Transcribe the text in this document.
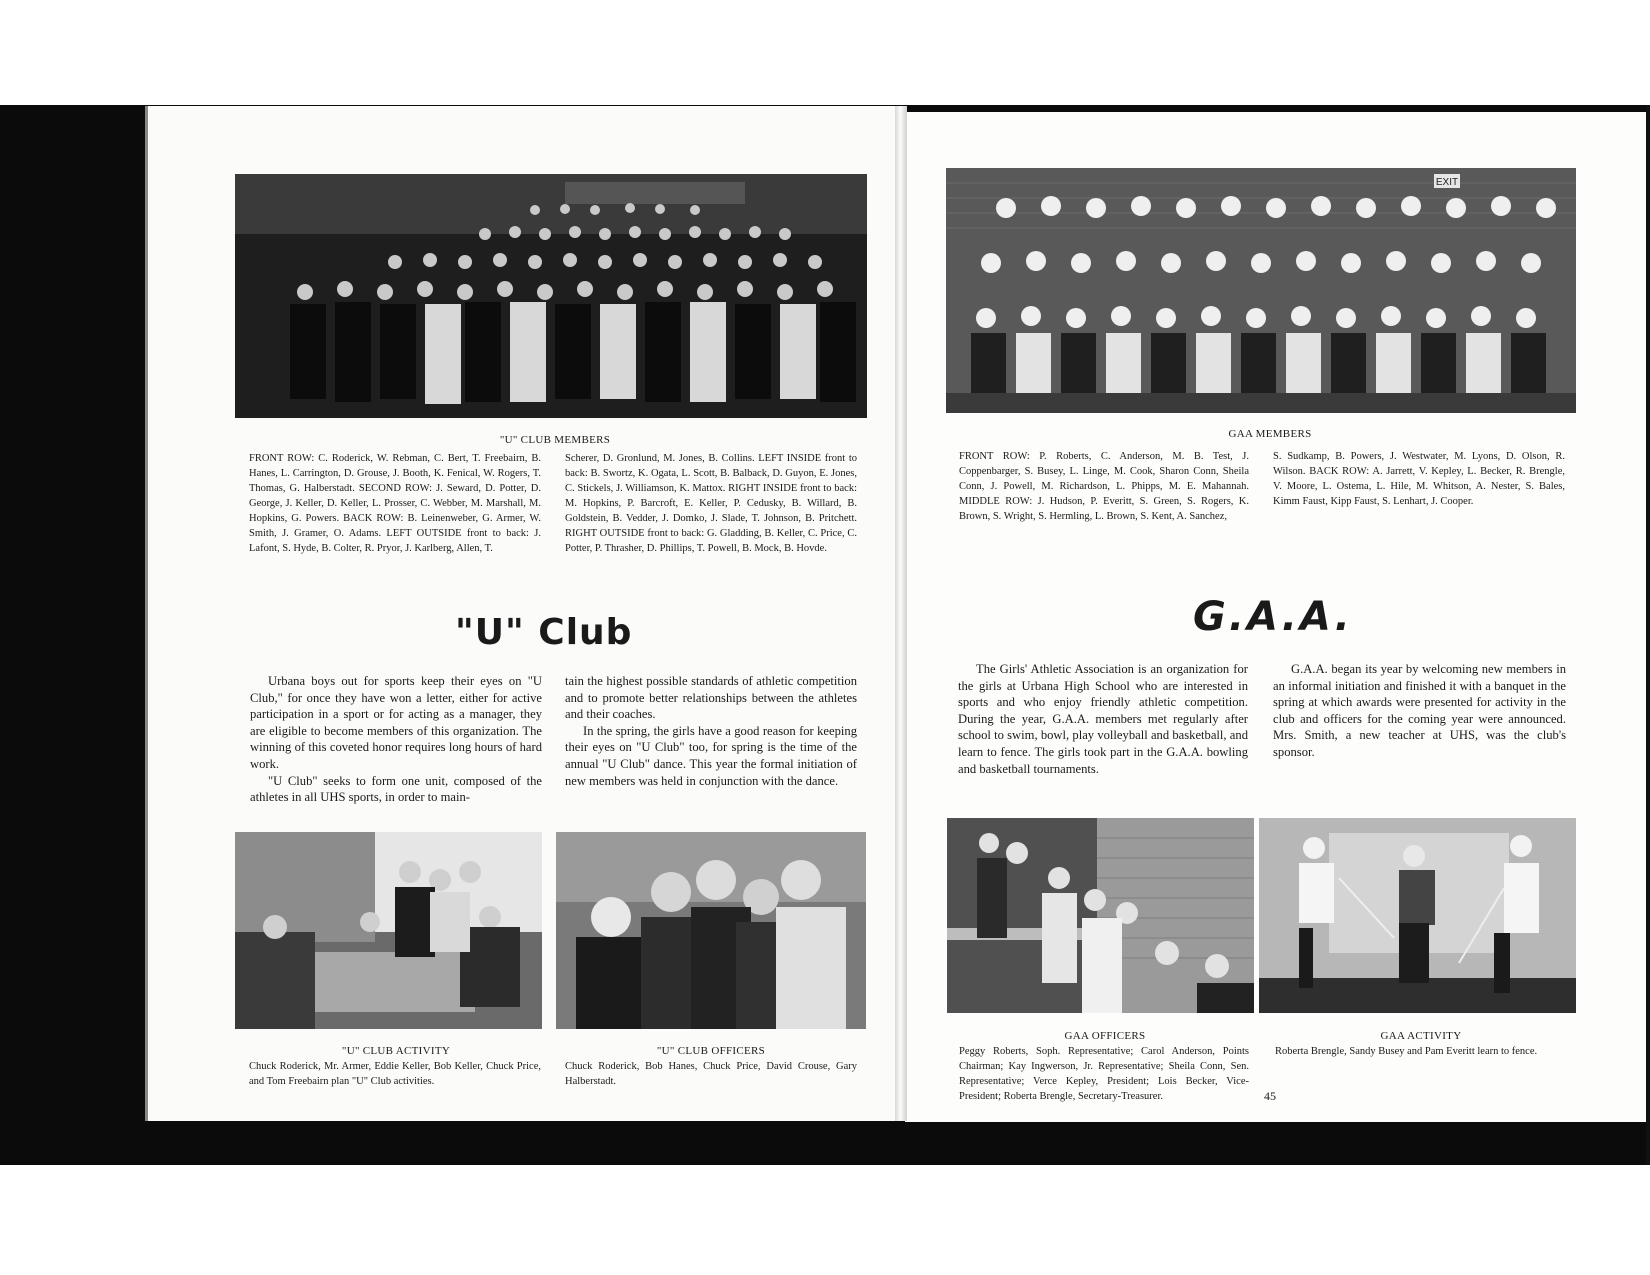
"U" CLUB MEMBERS
FRONT ROW: C. Roderick, W. Rebman, C. Bert, T. Freebairn, B. Hanes, L. Carrington, D. Grouse, J. Booth, K. Fenical, W. Rogers, T. Thomas, G. Halberstadt. SECOND ROW: J. Seward, D. Potter, D. George, J. Keller, D. Keller, L. Prosser, C. Webber, M. Marshall, M. Hopkins, G. Powers. BACK ROW: B. Leinenweber, G. Armer, W. Smith, J. Gramer, O. Adams. LEFT OUTSIDE front to back: J. Lafont, S. Hyde, B. Colter, R. Pryor, J. Karlberg, Allen, T.
Scherer, D. Gronlund, M. Jones, B. Collins. LEFT INSIDE front to back: B. Swortz, K. Ogata, L. Scott, B. Balback, D. Guyon, E. Jones, C. Stickels, J. Williamson, K. Mattox. RIGHT INSIDE front to back: M. Hopkins, P. Barcroft, E. Keller, P. Cedusky, B. Willard, B. Goldstein, B. Vedder, J. Domko, J. Slade, T. Johnson, B. Pritchett. RIGHT OUTSIDE front to back: G. Gladding, B. Keller, C. Price, C. Potter, P. Thrasher, D. Phillips, T. Powell, B. Mock, B. Hovde.
"U" Club

Urbana boys out for sports keep their eyes on "U Club," for once they have won a letter, either for active participation in a sport or for acting as a manager, they are eligible to become members of this organization. The winning of this coveted honor requires long hours of hard work.

"U Club" seeks to form one unit, composed of the athletes in all UHS sports, in order to main-

tain the highest possible standards of athletic competition and to promote better relationships between the athletes and their coaches.

In the spring, the girls have a good reason for keeping their eyes on "U Club" too, for spring is the time of the annual "U Club" dance. This year the formal initiation of new members was held in conjunction with the dance.

"U" CLUB ACTIVITY
Chuck Roderick, Mr. Armer, Eddie Keller, Bob Keller, Chuck Price, and Tom Freebairn plan "U" Club activities.
"U" CLUB OFFICERS
Chuck Roderick, Bob Hanes, Chuck Price, David Crouse, Gary Halberstadt.
EXIT
GAA MEMBERS
FRONT ROW: P. Roberts, C. Anderson, M. B. Test, J. Coppenbarger, S. Busey, L. Linge, M. Cook, Sharon Conn, Sheila Conn, J. Powell, M. Richardson, L. Phipps, M. E. Mahannah. MIDDLE ROW: J. Hudson, P. Everitt, S. Green, S. Rogers, K. Brown, S. Wright, S. Hermling, L. Brown, S. Kent, A. Sanchez,
S. Sudkamp, B. Powers, J. Westwater, M. Lyons, D. Olson, R. Wilson. BACK ROW: A. Jarrett, V. Kepley, L. Becker, R. Brengle, V. Moore, L. Ostema, L. Hile, M. Whitson, A. Nester, S. Bales, Kimm Faust, Kipp Faust, S. Lenhart, J. Cooper.
G.A.A.

The Girls' Athletic Association is an organization for the girls at Urbana High School who are interested in sports and who enjoy friendly athletic competition. During the year, G.A.A. members met regularly after school to swim, bowl, play volleyball and basketball, and learn to fence. The girls took part in the G.A.A. bowling and basketball tournaments.

G.A.A. began its year by welcoming new members in an informal initiation and finished it with a banquet in the spring at which awards were presented for activity in the club and officers for the coming year were announced. Mrs. Smith, a new teacher at UHS, was the club's sponsor.

GAA OFFICERS
Peggy Roberts, Soph. Representative; Carol Anderson, Points Chairman; Kay Ingwerson, Jr. Representative; Sheila Conn, Sen. Representative; Verce Kepley, President; Lois Becker, Vice-President; Roberta Brengle, Secretary-Treasurer.
GAA ACTIVITY
Roberta Brengle, Sandy Busey and Pam Everitt learn to fence.
45
